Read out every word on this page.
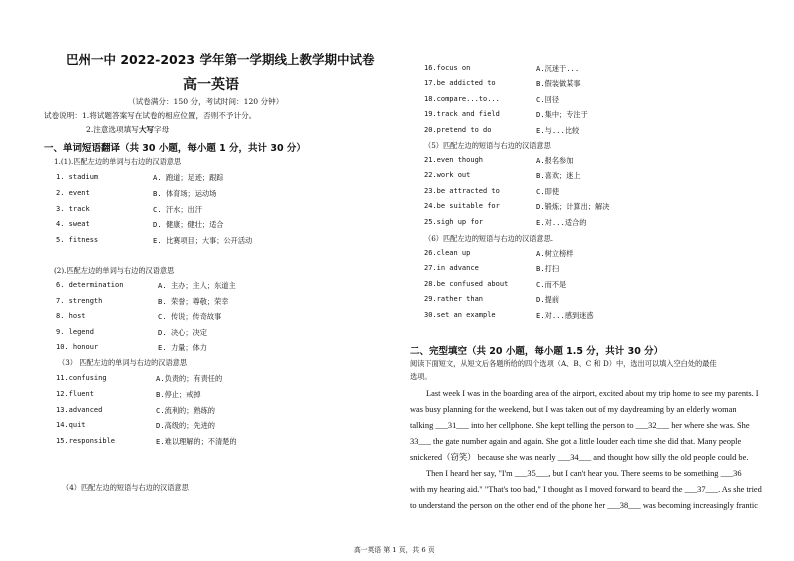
巴州一中 2022-2023 学年第一学期线上教学期中试卷
高一英语
（试卷满分：150 分，考试时间：120 分钟）
试卷说明：1.将试题答案写在试卷的相应位置，否则不予计分。
2.注意选项填写大写字母
一、单词短语翻译（共 30 小题，每小题 1 分，共计 30 分）
1.(1).匹配左边的单词与右边的汉语意思
1. stadium	A. 跑道；足迹；跟踪
2. event	B. 体育场；运动场
3. track	C. 汗水；出汗
4. sweat	D. 健康；健壮；适合
5. fitness	E. 比赛项目；大事；公开活动
(2).匹配左边的单词与右边的汉语意思
6. determination	A. 主办；主人；东道主
7. strength	B. 荣誉；尊敬；荣幸
8. host	C. 传说；传奇故事
9. legend	D. 决心；决定
10. honour	E. 力量；体力
（3） 匹配左边的单词与右边的汉语意思
11.confusing	A.负责的；有责任的
12.fluent	B.停止；戒掉
13.advanced	C.流利的；熟练的
14.quit	D.高级的；先进的
15.responsible	E.难以理解的；不清楚的
（4）匹配左边的短语与右边的汉语意思
16.focus on	A.沉迷于...
17.be addicted to	B.假装做某事
18.compare...to...	C.回径
19.track and field	D.集中；专注于
20.pretend to do	E.与...比较
（5）匹配左边的短语与右边的汉语意思
21.even though	A.报名参加
22.work out	B.喜欢；迷上
23.be attracted to	C.即使
24.be suitable for	D.锻炼；计算出；解决
25.sigh up for	E.对...适合的
（6）匹配左边的短语与右边的汉语意思.
26.clean up	A.树立榜样
27.in advance	B.打扫
28.be confused about	C.而不是
29.rather than	D.提前
30.set an example	E.对...感到迷惑
二、完型填空（共 20 小题，每小题 1.5 分，共计 30 分）
阅读下面短文，从短文后各题所给的四个选项（A、B、C 和 D）中，选出可以填入空白处的最佳
选项。
Last week I was in the boarding area of the airport, excited about my trip home to see my parents. I
was busy planning for the weekend, but I was taken out of my daydreaming by an elderly woman
talking ___31___ into her cellphone. She kept telling the person to ___32___ her where she was. She
33___ the gate number again and again. She got a little louder each time she did that. Many people
snickered（窃笑） because she was nearly ___34___ and thought how silly the old people could be.
Then I heard her say, "I'm ___35___, but I can't hear you. There seems to be something ___36
with my hearing aid." "That's too bad," I thought as I moved forward to beard the ___37___. As she tried
to understand the person on the other end of the phone her ___38___ was becoming increasingly frantic
高一英语 第 1 页，共 6 页
